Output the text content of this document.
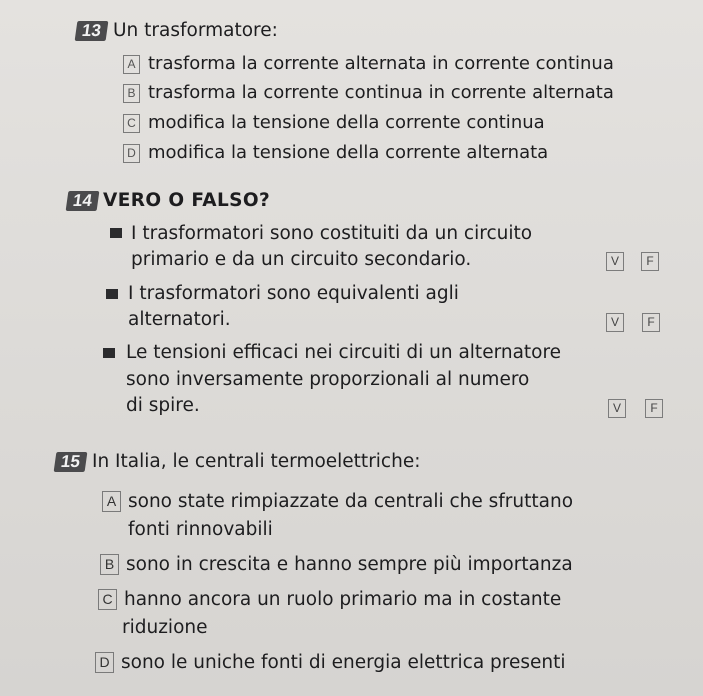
13 Un trasformatore:
A trasforma la corrente alternata in corrente continua
B trasforma la corrente continua in corrente alternata
C modifica la tensione della corrente continua
D modifica la tensione della corrente alternata
14 VERO O FALSO?
I trasformatori sono costituiti da un circuito
primario e da un circuito secondario.	V	F
I trasformatori sono equivalenti agli
alternatori.	V	F
Le tensioni efficaci nei circuiti di un alternatore
sono inversamente proporzionali al numero
di spire.	V	F
15 In Italia, le centrali termoelettriche:
A sono state rimpiazzate da centrali che sfruttano
fonti rinnovabili
B sono in crescita e hanno sempre più importanza
C hanno ancora un ruolo primario ma in costante
riduzione
D sono le uniche fonti di energia elettrica presenti
